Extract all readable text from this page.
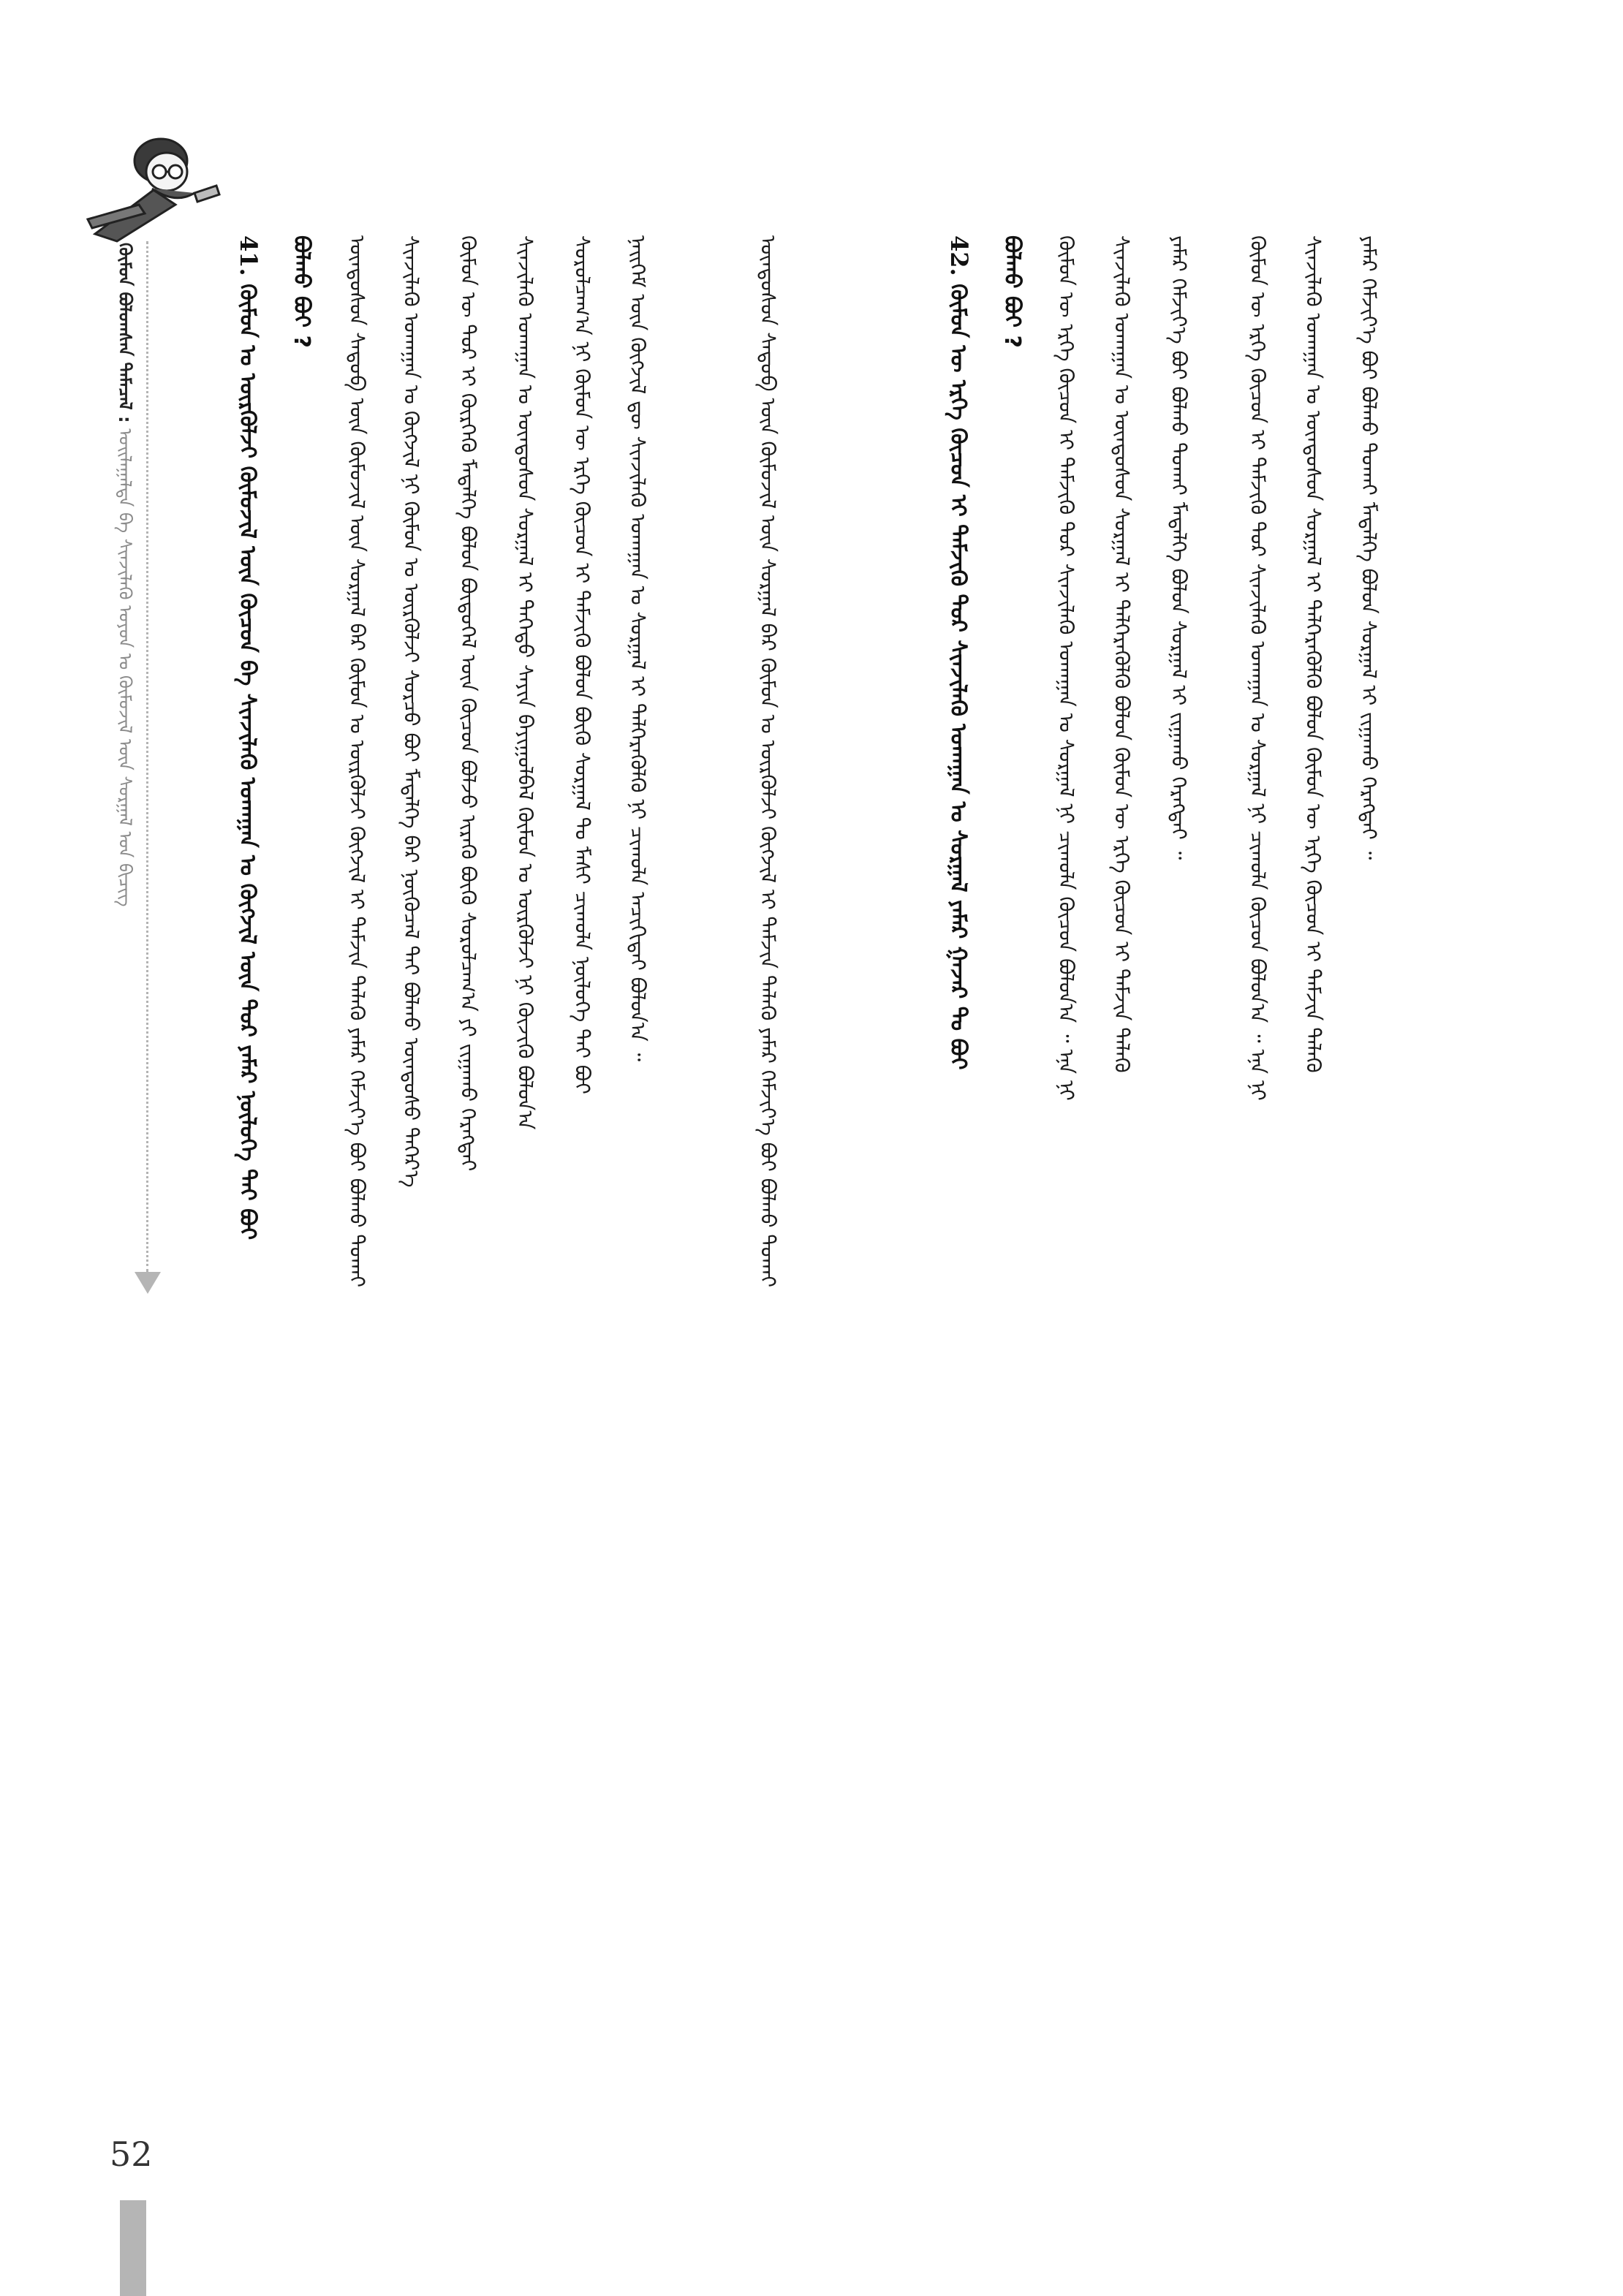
ᠬᠦᠮᠦᠨ ᠪᠤᠯᠤᠭᠰᠠᠨ ᠲᠡᠮᠡᠴᠡᠯ : ᠣᠢᠯᠠᠭᠠᠯᠲᠠ ᠪᠠ ᠰᠢᠨᠵᠢᠯᠡᠬᠦ ᠤᠶᠤᠨ ᠤ ᠬᠦᠮᠦᠵᠢᠯ ᠦᠨ ᠰᠤᠷᠭᠠᠯ ᠤᠨ ᠪᠢᠴᠢᠭ
41. ᠬᠦᠮᠦᠨ ᠤ ᠦᠷᠭᠦᠯᠵᠢ ᠬᠦᠮᠦᠵᠢᠯ ᠦᠨ ᠬᠦᠴᠦᠨ ᠪᠠ ᠰᠢᠨᠵᠢᠯᠡᠬᠦ ᠤᠬᠠᠭᠠᠨ ᠤ ᠬᠦᠭᠵᠢᠯ ᠦᠨ ᠳᠤᠷ ᠶᠠᠮᠠᠷ ᠨᠥᠯᠦᠭᠡ ᠲᠡᠢ ᠪᠤᠢ ᠪᠤᠯᠬᠤ ᠪᠤᠢ ? ᠦᠨᠳᠦᠰᠦᠨ ᠰᠡᠳᠦᠪ ᠦᠨ ᠬᠦᠮᠦᠵᠢᠯ ᠦᠨ ᠰᠤᠷᠭᠠᠯ ᠪᠡᠷ ᠬᠦᠮᠦᠨ ᠤ ᠦᠷᠭᠦᠯᠵᠢ ᠬᠦᠭᠵᠢᠯ ᠢ ᠳᠡᠮᠵᠢᠨ ᠲᠡᠯᠡᠬᠦ ᠶᠠᠮᠠᠷ ᠬᠡᠮᠵᠢᠶ᠎ᠡ ᠪᠤᠢ ᠪᠤᠯᠬᠤ ᠲᠤᠬᠠᠢ ᠰᠢᠨᠵᠢᠯᠡᠬᠦ ᠤᠬᠠᠭᠠᠨ ᠤ ᠬᠦᠭᠵᠢᠯ ᠨᠢ ᠬᠦᠮᠦᠨ ᠤ ᠦᠷᠭᠦᠯᠵᠢ ᠰᠤᠷᠴᠤ ᠪᠤᠢ ᠮᠡᠳᠡᠯᠭᠡ ᠪᠡᠷ ᠨᠥᠬᠦᠴᠡᠯ ᠲᠡᠢ ᠪᠤᠯᠬᠤ ᠦᠨᠳᠦᠰᠦ ᠳᠡᠭᠡᠷ᠎ᠡ ᠬᠦᠮᠦᠨ ᠦ ᠳᠤᠷ ᠢ ᠬᠦᠷᠭᠡᠬᠦ ᠮᠡᠳᠡᠯᠭᠡ ᠪᠤᠯᠤᠨ ᠪᠦᠲᠦᠭᠡᠯ ᠦᠨ ᠬᠦᠴᠦᠨ ᠪᠤᠯᠵᠤ ᠢᠷᠡᠬᠦ ᠪᠦᠬᠦ ᠰᠤᠷᠤᠯᠴᠠᠭ᠎ᠠ ᠶᠢ ᠵᠢᠭᠠᠬᠤ ᠬᠡᠷᠡᠭᠲᠡᠢ ᠰᠢᠨᠵᠢᠯᠡᠬᠦ ᠤᠬᠠᠭᠠᠨ ᠤ ᠦᠨᠳᠦᠰᠦᠨ ᠰᠤᠷᠭᠠᠯ ᠢ ᠳᠡᠭᠡᠳᠦ ᠰᠠᠶᠢᠨ ᠪᠠᠶᠢᠭᠤᠯᠪᠠᠯ ᠬᠦᠮᠦᠨ ᠤ ᠦᠷᠭᠦᠯᠵᠢ ᠨᠢ ᠬᠦᠵᠢᠬᠦ ᠪᠤᠯᠤᠨ᠎ᠠ ᠰᠤᠷᠤᠯᠴᠠᠭ᠎ᠠ ᠨᠢ ᠬᠦᠮᠦᠨ ᠦ ᠡᠷᠬᠡ ᠬᠦᠴᠦᠨ ᠢ ᠳᠡᠮᠵᠢᠬᠦ ᠪᠤᠯᠤᠨ ᠪᠦᠬᠦ ᠰᠤᠷᠭᠠᠯ ᠲᠤ ᠮᠠᠰᠢ ᠴᠢᠬᠤᠯᠠ ᠨᠥᠯᠦᠭᠡ ᠲᠡᠢ ᠪᠤᠢ ᠨᠡᠢᠭᠡᠮ ᠦᠨ ᠬᠦᠭᠵᠢᠯ ᠳᠦ ᠰᠢᠨᠵᠢᠯᠡᠬᠦ ᠤᠬᠠᠭᠠᠨ ᠤ ᠰᠤᠷᠭᠠᠯ ᠢ ᠳᠡᠯᠭᠡᠷᠡᠭᠦᠯᠬᠦ ᠨᠢ ᠴᠢᠬᠤᠯᠠ ᠠᠴᠢᠬᠢᠲᠠᠢ ᠪᠤᠯᠤᠨ᠎ᠠ ᠃	ᠦᠨᠳᠦᠰᠦᠨ ᠰᠡᠳᠦᠪ ᠦᠨ ᠬᠦᠮᠦᠵᠢᠯ ᠦᠨ ᠰᠤᠷᠭᠠᠯ ᠪᠡᠷ ᠬᠦᠮᠦᠨ ᠤ ᠦᠷᠭᠦᠯᠵᠢ ᠬᠦᠭᠵᠢᠯ ᠢ ᠳᠡᠮᠵᠢᠨ ᠲᠡᠯᠡᠬᠦ ᠶᠠᠮᠠᠷ ᠬᠡᠮᠵᠢᠶ᠎ᠡ ᠪᠤᠢ ᠪᠤᠯᠬᠤ ᠲᠤᠬᠠᠢ	42. ᠬᠦᠮᠦᠨ ᠦ ᠡᠷᠬᠡ ᠬᠦᠴᠦᠨ ᠢ ᠳᠡᠮᠵᠢᠬᠦ ᠳᠤᠷ ᠰᠢᠨᠵᠢᠯᠡᠬᠦ ᠤᠬᠠᠭᠠᠨ ᠤ ᠰᠤᠷᠭᠠᠯ ᠶᠠᠮᠠᠷ ᠭᠠᠵᠠᠷ ᠲᠤ ᠪᠤᠢ ᠪᠤᠯᠬᠤ ᠪᠤᠢ ? ᠬᠦᠮᠦᠨ ᠦ ᠡᠷᠬᠡ ᠬᠦᠴᠦᠨ ᠢ ᠳᠡᠮᠵᠢᠬᠦ ᠳᠤᠷ ᠰᠢᠨᠵᠢᠯᠡᠬᠦ ᠤᠬᠠᠭᠠᠨ ᠤ ᠰᠤᠷᠭᠠᠯ ᠨᠢ ᠴᠢᠬᠤᠯᠠ ᠬᠦᠴᠦᠨ ᠪᠤᠯᠤᠨ᠎ᠠ ᠃ ᠡᠨᠡ ᠨᠢ ᠰᠢᠨᠵᠢᠯᠡᠬᠦ ᠤᠬᠠᠭᠠᠨ ᠤ ᠦᠨᠳᠦᠰᠦᠨ ᠰᠤᠷᠭᠠᠯ ᠢ ᠳᠡᠯᠭᠡᠷᠡᠭᠦᠯᠬᠦ ᠪᠤᠯᠤᠨ ᠬᠦᠮᠦᠨ ᠦ ᠡᠷᠬᠡ ᠬᠦᠴᠦᠨ ᠢ ᠳᠡᠮᠵᠢᠨ ᠲᠡᠯᠡᠬᠦ ᠶᠠᠮᠠᠷ ᠬᠡᠮᠵᠢᠶ᠎ᠡ ᠪᠤᠢ ᠪᠤᠯᠬᠤ ᠲᠤᠬᠠᠢ ᠮᠡᠳᠡᠯᠭᠡ ᠪᠤᠯᠤᠨ ᠰᠤᠷᠭᠠᠯ ᠢ ᠵᠢᠭᠠᠬᠤ ᠬᠡᠷᠡᠭᠲᠡᠢ ᠃	ᠬᠦᠮᠦᠨ ᠦ ᠡᠷᠬᠡ ᠬᠦᠴᠦᠨ ᠢ ᠳᠡᠮᠵᠢᠬᠦ ᠳᠤᠷ ᠰᠢᠨᠵᠢᠯᠡᠬᠦ ᠤᠬᠠᠭᠠᠨ ᠤ ᠰᠤᠷᠭᠠᠯ ᠨᠢ ᠴᠢᠬᠤᠯᠠ ᠬᠦᠴᠦᠨ ᠪᠤᠯᠤᠨ᠎ᠠ ᠃ ᠡᠨᠡ ᠨᠢ ᠰᠢᠨᠵᠢᠯᠡᠬᠦ ᠤᠬᠠᠭᠠᠨ ᠤ ᠦᠨᠳᠦᠰᠦᠨ ᠰᠤᠷᠭᠠᠯ ᠢ ᠳᠡᠯᠭᠡᠷᠡᠭᠦᠯᠬᠦ ᠪᠤᠯᠤᠨ ᠬᠦᠮᠦᠨ ᠦ ᠡᠷᠬᠡ ᠬᠦᠴᠦᠨ ᠢ ᠳᠡᠮᠵᠢᠨ ᠲᠡᠯᠡᠬᠦ ᠶᠠᠮᠠᠷ ᠬᠡᠮᠵᠢᠶ᠎ᠡ ᠪᠤᠢ ᠪᠤᠯᠬᠤ ᠲᠤᠬᠠᠢ ᠮᠡᠳᠡᠯᠭᠡ ᠪᠤᠯᠤᠨ ᠰᠤᠷᠭᠠᠯ ᠢ ᠵᠢᠭᠠᠬᠤ ᠬᠡᠷᠡᠭᠲᠡᠢ ᠃
52
